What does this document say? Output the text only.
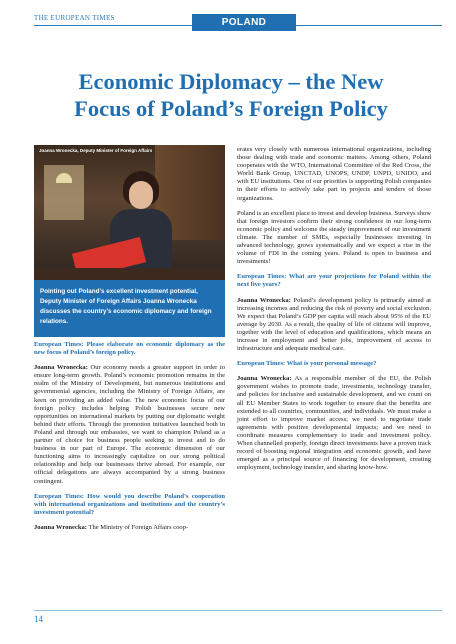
THE EUROPEAN TIMES	POLAND
Economic Diplomacy – the New
Focus of Poland’s Foreign Policy
Joanna Wronecka, Deputy Minister of Foreign Affairs
Pointing out Poland’s excellent investment potential, Deputy Minister of Foreign Affairs Joanna Wronecka discusses the country’s economic diplomacy and foreign relations.

European Times: Please elaborate on economic diplomacy as the new focus of Poland’s foreign policy.

Joanna Wronecka: Our economy needs a greater support in order to ensure long-term growth. Poland’s economic promotion remains in the realm of the Ministry of Development, but numerous institutions and governmental agencies, including the Ministry of Foreign Affairs, are keen on providing an added value. The new economic focus of our foreign policy includes helping Polish businesses secure new opportunities on international markets by putting our diplomatic weight behind their efforts. Through the promotion initiatives launched both in Poland and through our embassies, we want to champion Poland as a partner of choice for business people seeking to invest and to do business in our part of Europe. The economic dimension of our functioning aims to increasingly capitalize on our strong political relationship and help our businesses thrive abroad. For example, our official delegations are always accompanied by a strong business contingent.

European Times: How would you describe Poland’s cooperation with international organizations and institutions and the country’s investment potential?

Joanna Wronecka: The Ministry of Foreign Affairs coop-

erates very closely with numerous international organizations, including those dealing with trade and economic matters. Among others, Poland cooperates with the WTO, International Committee of the Red Cross, the World Bank Group, UNCTAD, UNOPS, UNDP, UNPD, UNIDO, and with EU institutions. One of our priorities is supporting Polish companies in their efforts to actively take part in projects and tenders of those organizations.

Poland is an excellent place to invest and develop business. Surveys show that foreign investors confirm their strong confidence in our long-term economic policy and welcome the steady improvement of our investment climate. The number of SMEs, especially businesses investing in advanced technology, grows systematically and we expect a rise in the volume of FDI in the coming years. Poland is open to business and investments!

European Times: What are your projections for Poland within the next five years?

Joanna Wronecka: Poland’s development policy is primarily aimed at increasing incomes and reducing the risk of poverty and social exclusion. We expect that Poland’s GDP per capita will reach about 95% of the EU average by 2030. As a result, the quality of life of citizens will improve, together with the level of education and qualifications, which means an increase in employment and better jobs, improvement of access to infrastructure and adequate medical care.

European Times: What is your personal message?

Joanna Wronecka: As a responsible member of the EU, the Polish government wishes to promote trade, investments, technology transfer, and policies for inclusive and sustainable development, and we count on all EU Member States to work together to ensure that the benefits are extended to all countries, communities, and individuals. We must make a joint effort to improve market access; we need to negotiate trade agreements with positive developmental impacts; and we need to coordinate measures complementary to trade and investment policy. When channelled properly, foreign direct investments have a proven track record of boosting regional integration and economic growth, and have emerged as a principal source of financing for development, creating employment, technology transfer, and sharing know-how.

14
